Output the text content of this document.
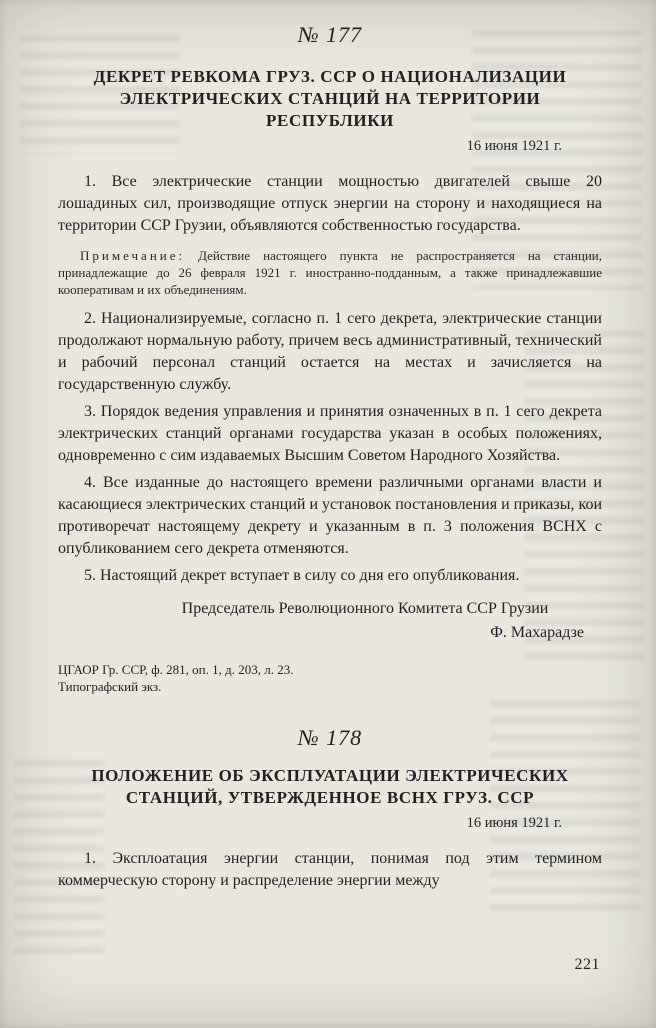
№ 177
ДЕКРЕТ РЕВКОМА ГРУЗ. ССР О НАЦИОНАЛИЗАЦИИ ЭЛЕКТРИЧЕСКИХ СТАНЦИЙ НА ТЕРРИТОРИИ РЕСПУБЛИКИ
16 июня 1921 г.

1. Все электрические станции мощностью двигателей свыше 20 лошадиных сил, производящие отпуск энергии на сторону и находящиеся на территории ССР Грузии, объявляются собственностью государства.

Примечание: Действие настоящего пункта не распространяется на станции, принадлежащие до 26 февраля 1921 г. иностранно-подданным, а также принадлежавшие кооперативам и их объединениям.

2. Национализируемые, согласно п. 1 сего декрета, электрические станции продолжают нормальную работу, причем весь административный, технический и рабочий персонал станций остается на местах и зачисляется на государственную службу.

3. Порядок ведения управления и принятия означенных в п. 1 сего декрета электрических станций органами государства указан в особых положениях, одновременно с сим издаваемых Высшим Советом Народного Хозяйства.

4. Все изданные до настоящего времени различными органами власти и касающиеся электрических станций и установок постановления и приказы, кои противоречат настоящему декрету и указанным в п. 3 положения ВСНХ с опубликованием сего декрета отменяются.

5. Настоящий декрет вступает в силу со дня его опубликования.

Председатель Революционного Комитета ССР Грузии
Ф. Махарадзе
ЦГАОР Гр. ССР, ф. 281, оп. 1, д. 203, л. 23.
Типографский экз.
№ 178
ПОЛОЖЕНИЕ ОБ ЭКСПЛУАТАЦИИ ЭЛЕКТРИЧЕСКИХ СТАНЦИЙ, УТВЕРЖДЕННОЕ ВСНХ ГРУЗ. ССР
16 июня 1921 г.

1. Эксплоатация энергии станции, понимая под этим термином коммерческую сторону и распределение энергии между

221
